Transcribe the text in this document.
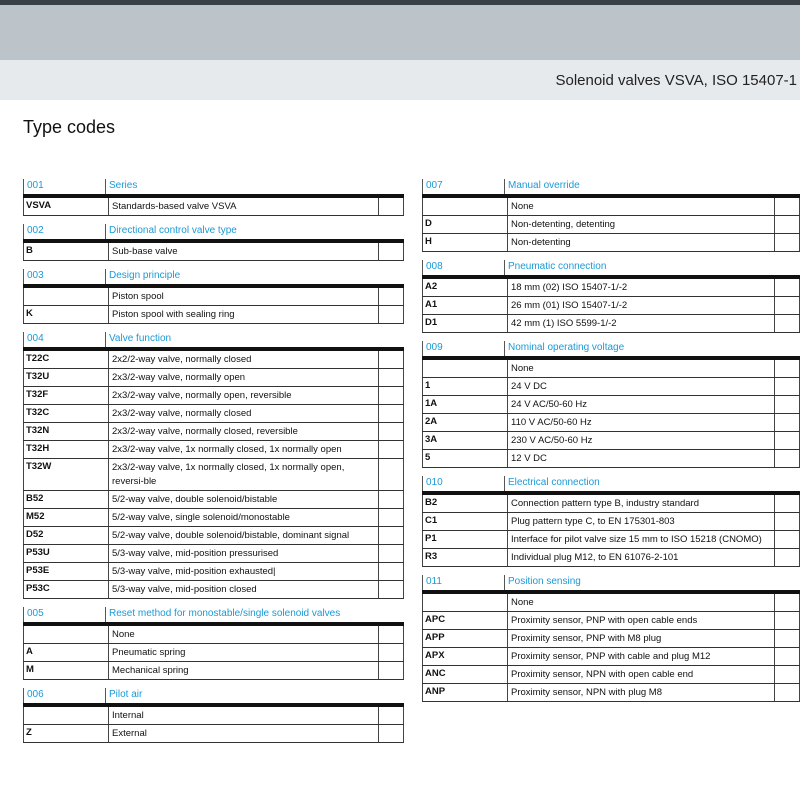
Solenoid valves VSVA, ISO 15407-1
Type codes
001	Series
VSVA	Standards-based valve VSVA
002	Directional control valve type
B	Sub-base valve
003	Design principle
Piston spool
K	Piston spool with sealing ring
004	Valve function
T22C	2x2/2-way valve, normally closed
T32U	2x3/2-way valve, normally open
T32F	2x3/2-way valve, normally open, reversible
T32C	2x3/2-way valve, normally closed
T32N	2x3/2-way valve, normally closed, reversible
T32H	2x3/2-way valve, 1x normally closed, 1x normally open
T32W	2x3/2-way valve, 1x normally closed, 1x normally open, reversi-ble
B52	5/2-way valve, double solenoid/bistable
M52	5/2-way valve, single solenoid/monostable
D52	5/2-way valve, double solenoid/bistable, dominant signal
P53U	5/3-way valve, mid-position pressurised
P53E	5/3-way valve, mid-position exhausted|
P53C	5/3-way valve, mid-position closed
005	Reset method for monostable/single solenoid valves
None
A	Pneumatic spring
M	Mechanical spring
006	Pilot air
Internal
Z	External
007	Manual override
None
D	Non-detenting, detenting
H	Non-detenting
008	Pneumatic connection
A2	18 mm (02) ISO 15407-1/-2
A1	26 mm (01) ISO 15407-1/-2
D1	42 mm (1) ISO 5599-1/-2
009	Nominal operating voltage
None
1	24 V DC
1A	24 V AC/50-60 Hz
2A	110 V AC/50-60 Hz
3A	230 V AC/50-60 Hz
5	12 V DC
010	Electrical connection
B2	Connection pattern type B, industry standard
C1	Plug pattern type C, to EN 175301-803
P1	Interface for pilot valve size 15 mm to ISO 15218 (CNOMO)
R3	Individual plug M12, to EN 61076-2-101
011	Position sensing
None
APC	Proximity sensor, PNP with open cable ends
APP	Proximity sensor, PNP with M8 plug
APX	Proximity sensor, PNP with cable and plug M12
ANC	Proximity sensor, NPN with open cable end
ANP	Proximity sensor, NPN with plug M8
